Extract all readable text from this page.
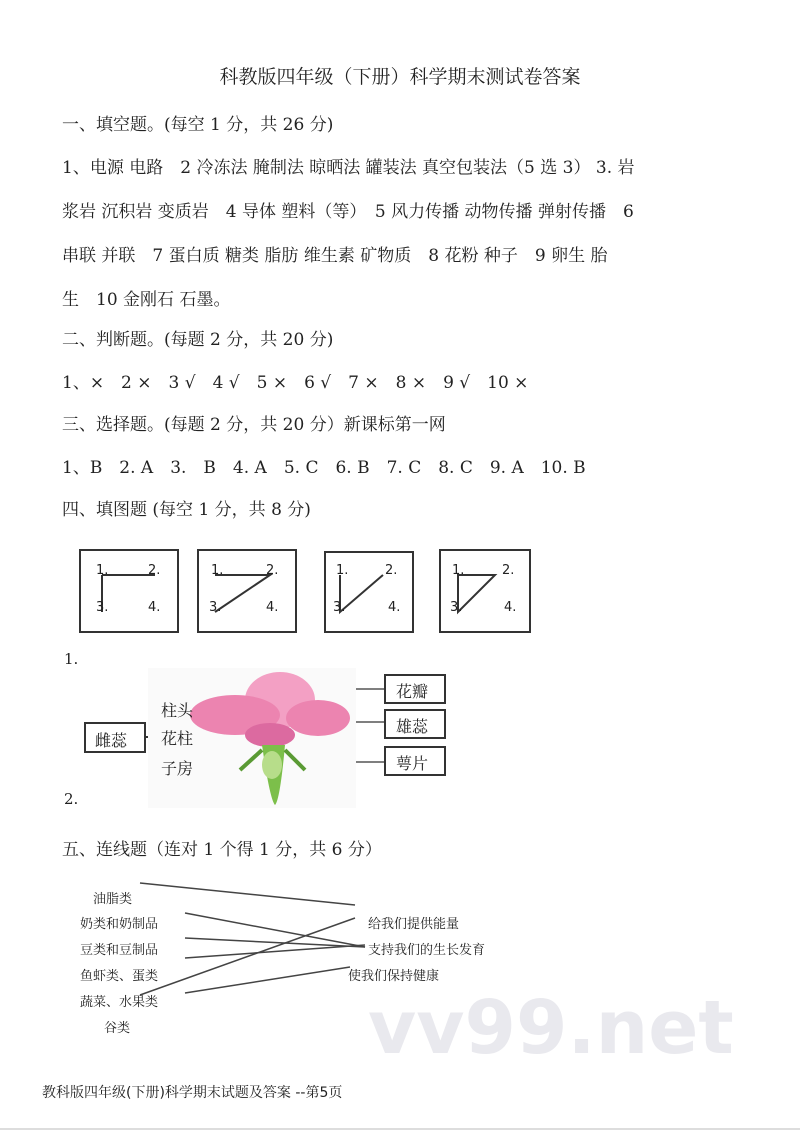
vv99.net
科教版四年级（下册）科学期末测试卷答案
一、填空题。(每空 1 分，共 26 分)
1、电源 电路　2 冷冻法 腌制法 晾晒法 罐装法 真空包装法（5 选 3） 3. 岩
浆岩 沉积岩 变质岩　4 导体 塑料（等）　5 风力传播 动物传播 弹射传播　6
串联 并联　7 蛋白质 糖类 脂肪 维生素 矿物质　8 花粉 种子　9 卵生 胎
生　10 金刚石 石墨。
二、判断题。(每题 2 分，共 20 分)
1、×　2 ×　3 √　4 √　5 ×　6 √　7 ×　8 ×　9 √　10 ×
三、选择题。(每题 2 分，共 20 分）新课标第一网
1、B　2. A　3.　B　4. A　5. C　6. B　7. C　8. C　9. A　10. B
四、填图题 (每空 1 分，共 8 分)
1.	2.
3.	4.
1.	2.
3.	4.
1.	2.
3.	4.
1.	2.
3.	4.
1.
雌蕊
柱头
花柱
子房
花瓣
雄蕊
萼片
2.
五、连线题（连对 1 个得 1 分，共 6 分）
油脂类
奶类和奶制品
豆类和豆制品
鱼虾类、蛋类
蔬菜、水果类
谷类
给我们提供能量
支持我们的生长发育
使我们保持健康
教科版四年级(下册)科学期末试题及答案 --第5页
